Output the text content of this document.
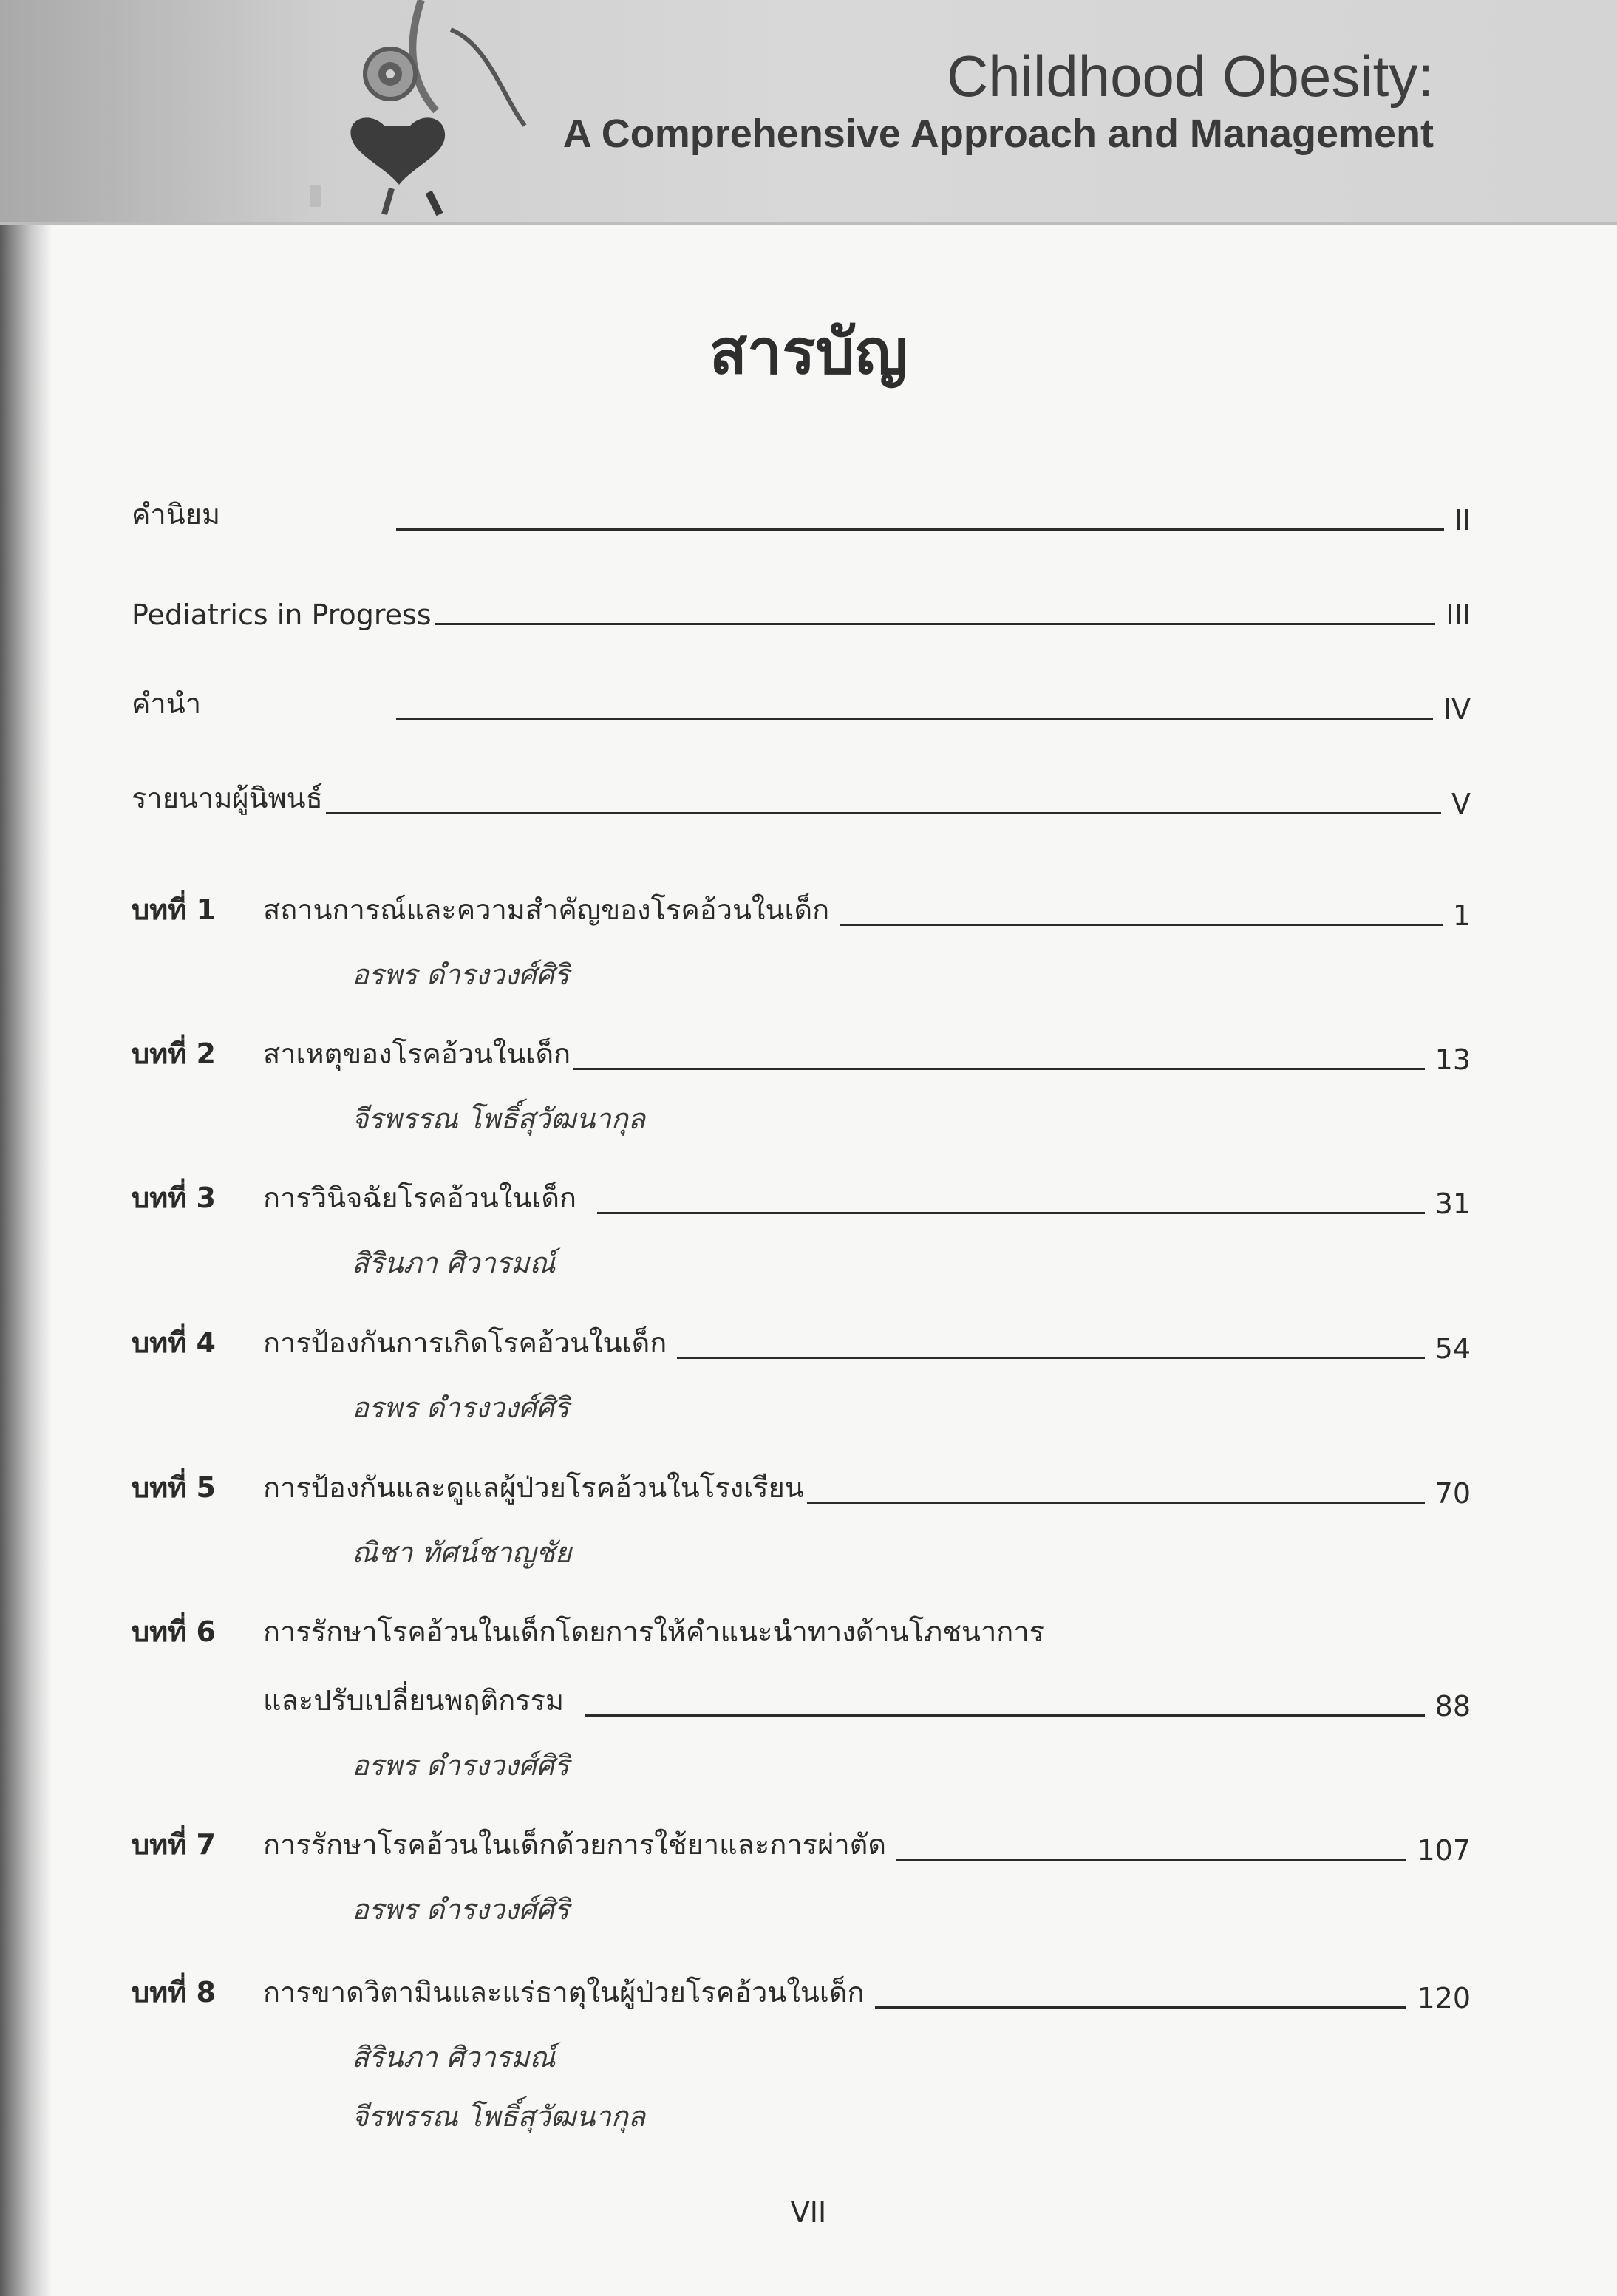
Childhood Obesity:
A Comprehensive Approach and Management
สารบัญ
คำนิยม	II
Pediatrics in Progress	III
คำนำ	IV
รายนามผู้นิพนธ์	V
บทที่ 1	สถานการณ์และความสำคัญของโรคอ้วนในเด็ก	1
อรพร ดำรงวงศ์ศิริ
บทที่ 2	สาเหตุของโรคอ้วนในเด็ก	13
จีรพรรณ โพธิ์สุวัฒนากุล
บทที่ 3	การวินิจฉัยโรคอ้วนในเด็ก	31
สิรินภา ศิวารมณ์
บทที่ 4	การป้องกันการเกิดโรคอ้วนในเด็ก	54
อรพร ดำรงวงศ์ศิริ
บทที่ 5	การป้องกันและดูแลผู้ป่วยโรคอ้วนในโรงเรียน	70
ณิชา ทัศน์ชาญชัย
บทที่ 6	การรักษาโรคอ้วนในเด็กโดยการให้คำแนะนำทางด้านโภชนาการ
และปรับเปลี่ยนพฤติกรรม	88
อรพร ดำรงวงศ์ศิริ
บทที่ 7	การรักษาโรคอ้วนในเด็กด้วยการใช้ยาและการผ่าตัด	107
อรพร ดำรงวงศ์ศิริ
บทที่ 8	การขาดวิตามินและแร่ธาตุในผู้ป่วยโรคอ้วนในเด็ก	120
สิรินภา ศิวารมณ์
จีรพรรณ โพธิ์สุวัฒนากุล
VII
